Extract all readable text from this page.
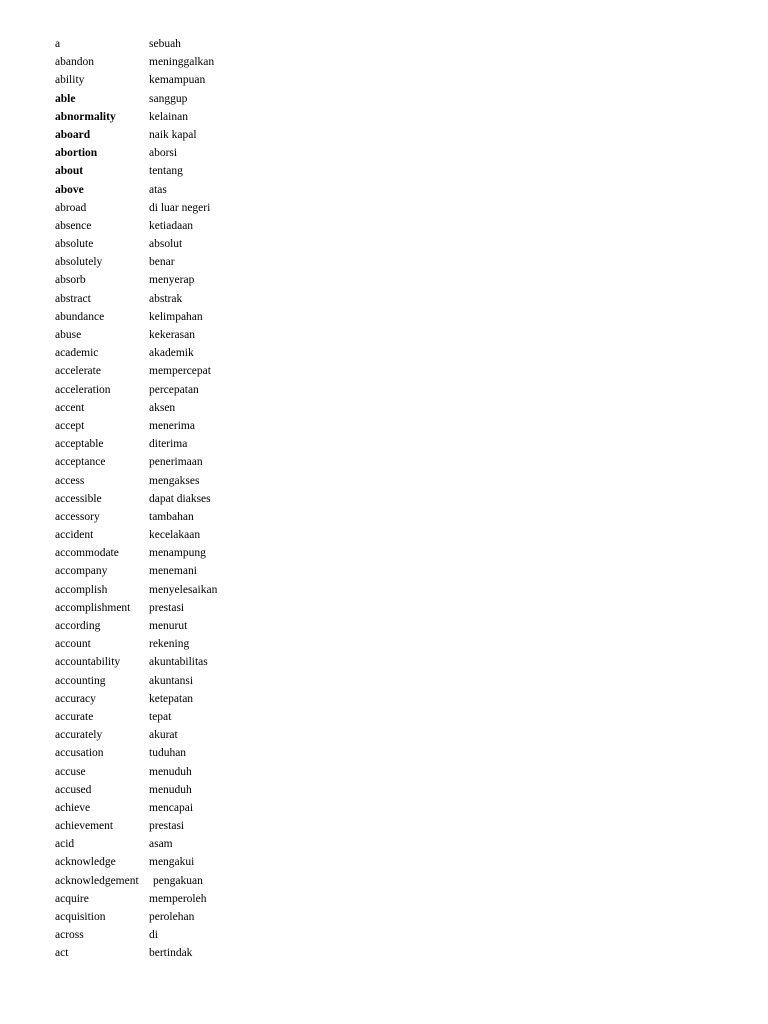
a	sebuah
abandon	meninggalkan
ability	kemampuan
able	sanggup
abnormality	kelainan
aboard	naik kapal
abortion	aborsi
about	tentang
above	atas
abroad	di luar negeri
absence	ketiadaan
absolute	absolut
absolutely	benar
absorb	menyerap
abstract	abstrak
abundance	kelimpahan
abuse	kekerasan
academic	akademik
accelerate	mempercepat
acceleration	percepatan
accent	aksen
accept	menerima
acceptable	diterima
acceptance	penerimaan
access	mengakses
accessible	dapat diakses
accessory	tambahan
accident	kecelakaan
accommodate	menampung
accompany	menemani
accomplish	menyelesaikan
accomplishment prestasi
according	menurut
account	rekening
accountability	akuntabilitas
accounting	akuntansi
accuracy	ketepatan
accurate	tepat
accurately	akurat
accusation	tuduhan
accuse	menuduh
accused	menuduh
achieve	mencapai
achievement	prestasi
acid	asam
acknowledge	mengakui
acknowledgement pengakuan
acquire	memperoleh
acquisition	perolehan
across	di
act	bertindak
